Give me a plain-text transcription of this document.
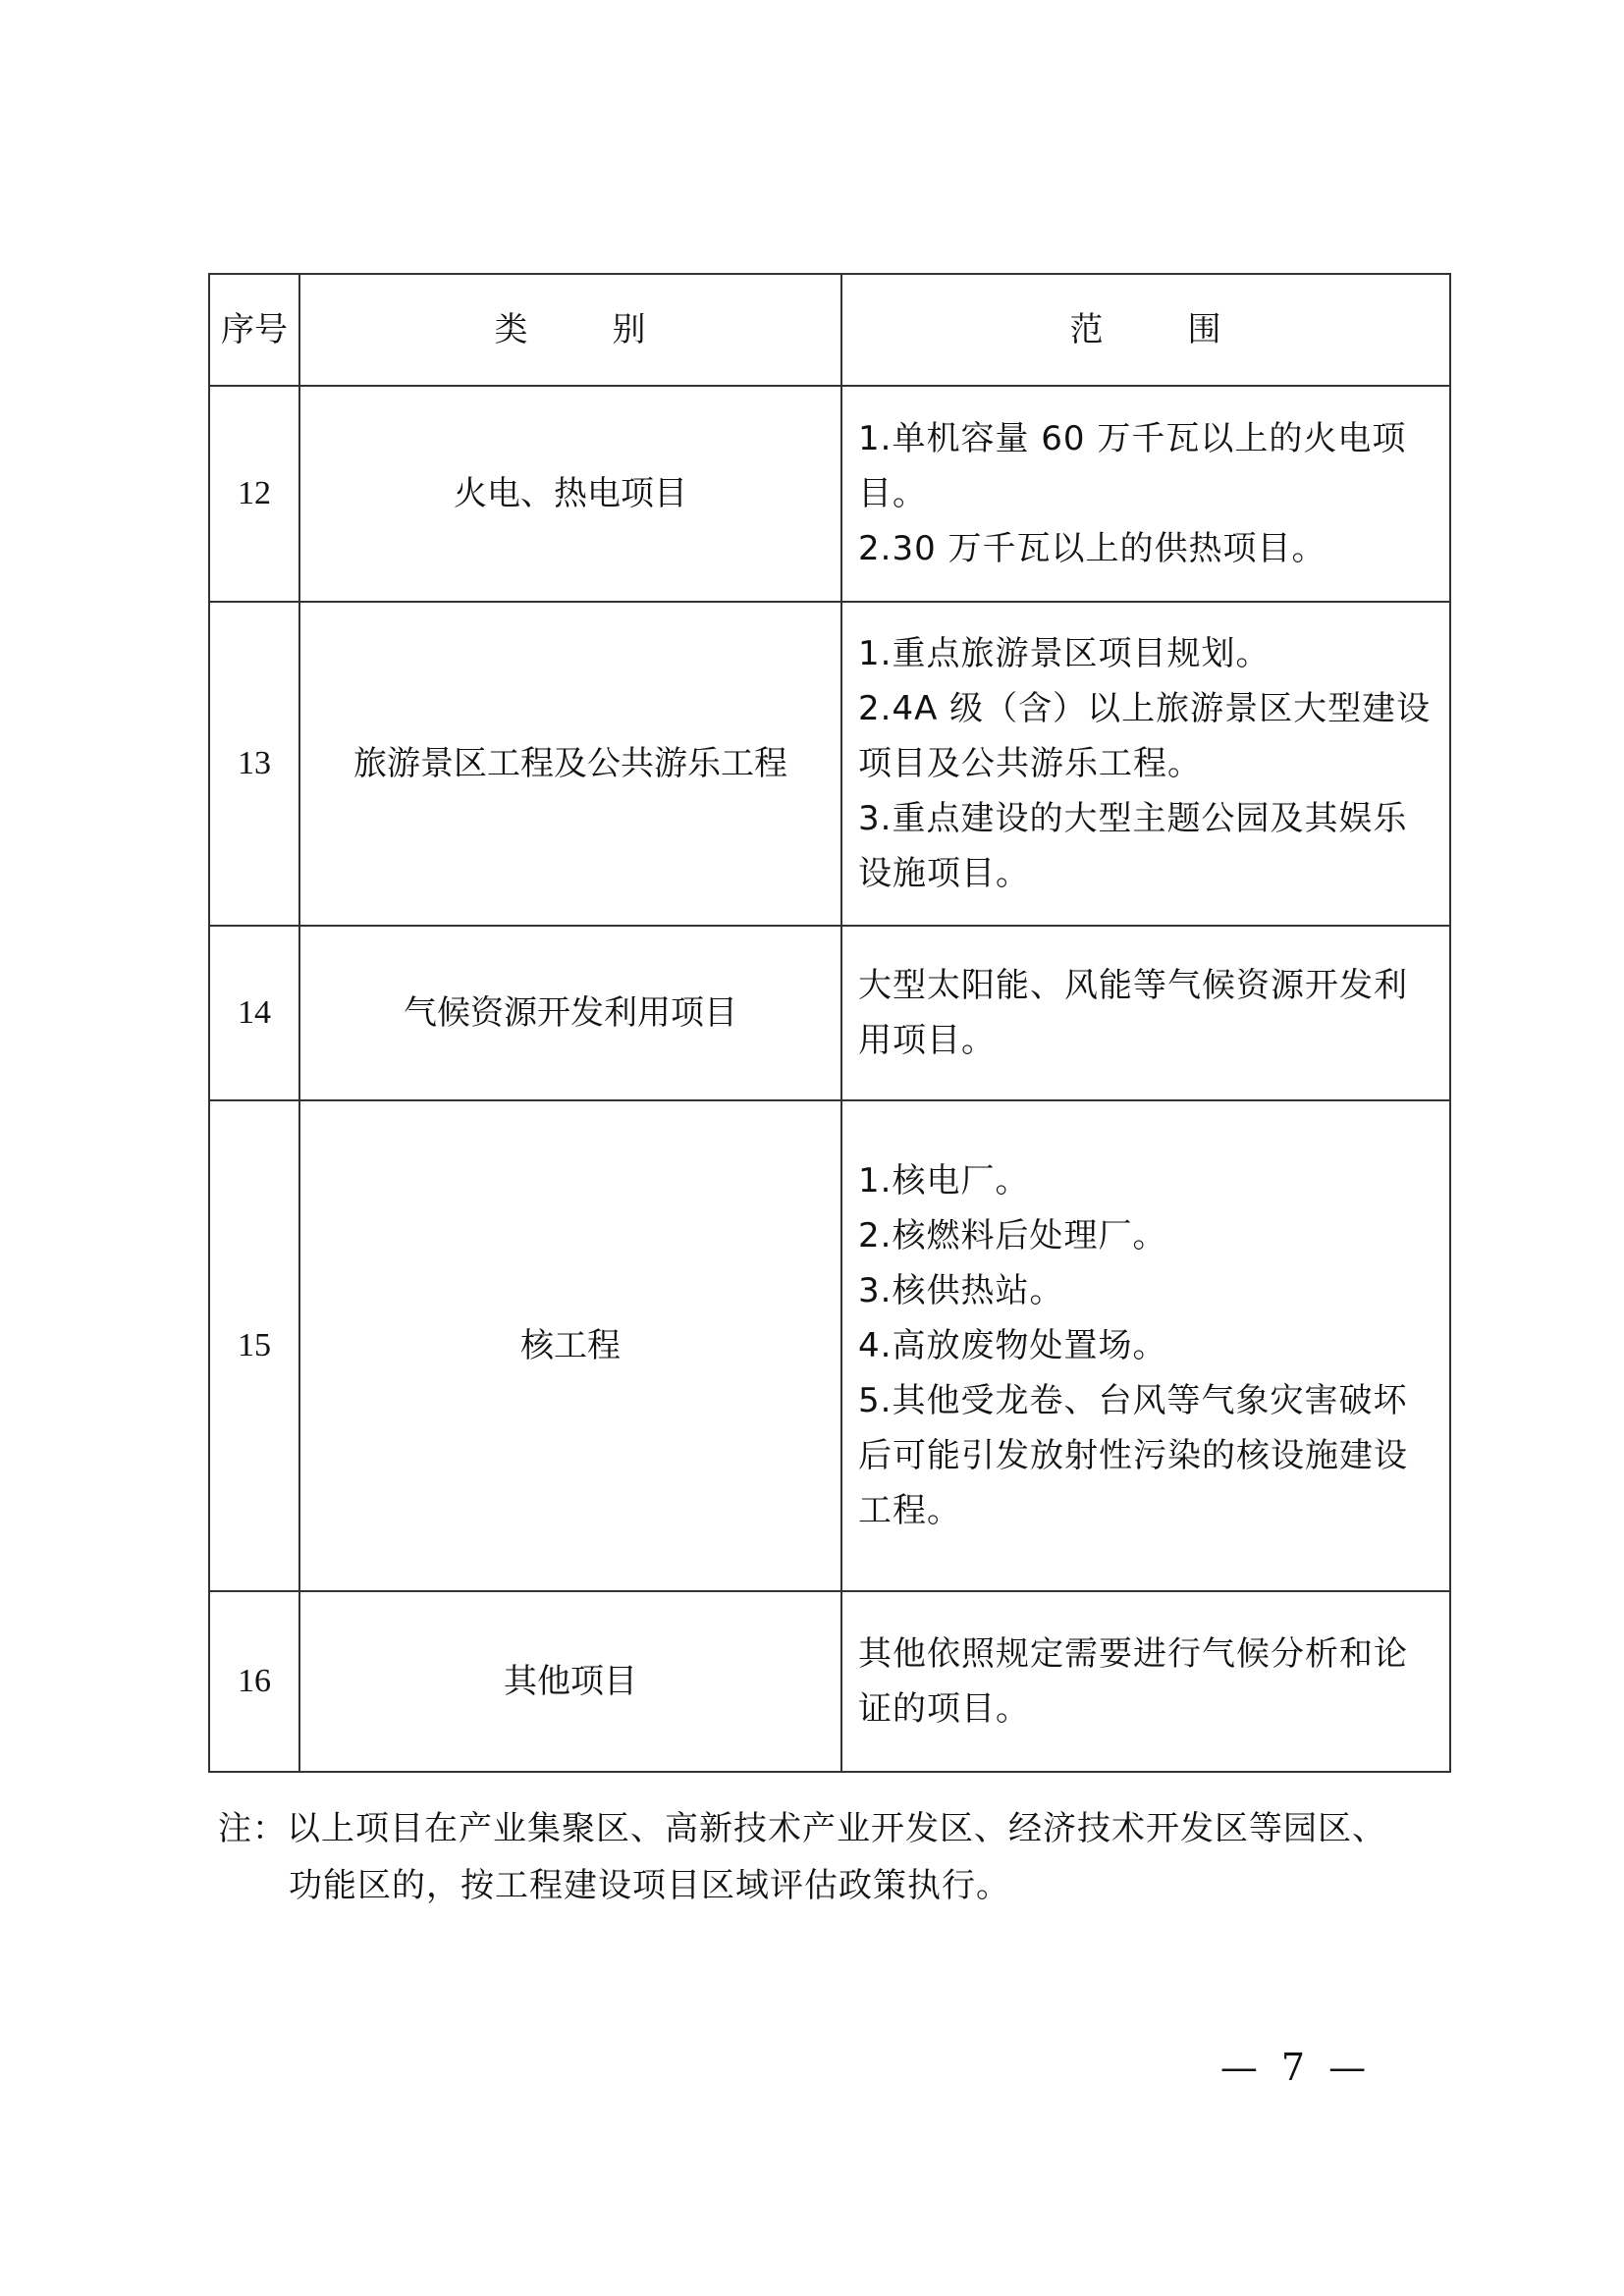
序号	类　别	范　围
12	火电、热电项目	1.单机容量 60 万千瓦以上的火电项目。
2.30 万千瓦以上的供热项目。

13	旅游景区工程及公共游乐工程	1.重点旅游景区项目规划。
2.4A 级（含）以上旅游景区大型建设项目及公共游乐工程。
3.重点建设的大型主题公园及其娱乐设施项目。

14	气候资源开发利用项目	大型太阳能、风能等气候资源开发利用项目。

15	核工程	1.核电厂。
2.核燃料后处理厂。
3.核供热站。
4.高放废物处置场。
5.其他受龙卷、台风等气象灾害破坏后可能引发放射性污染的核设施建设工程。

16	其他项目	其他依照规定需要进行气候分析和论证的项目。
注：以上项目在产业集聚区、高新技术产业开发区、经济技术开发区等园区、
功能区的，按工程建设项目区域评估政策执行。
— 7 —
